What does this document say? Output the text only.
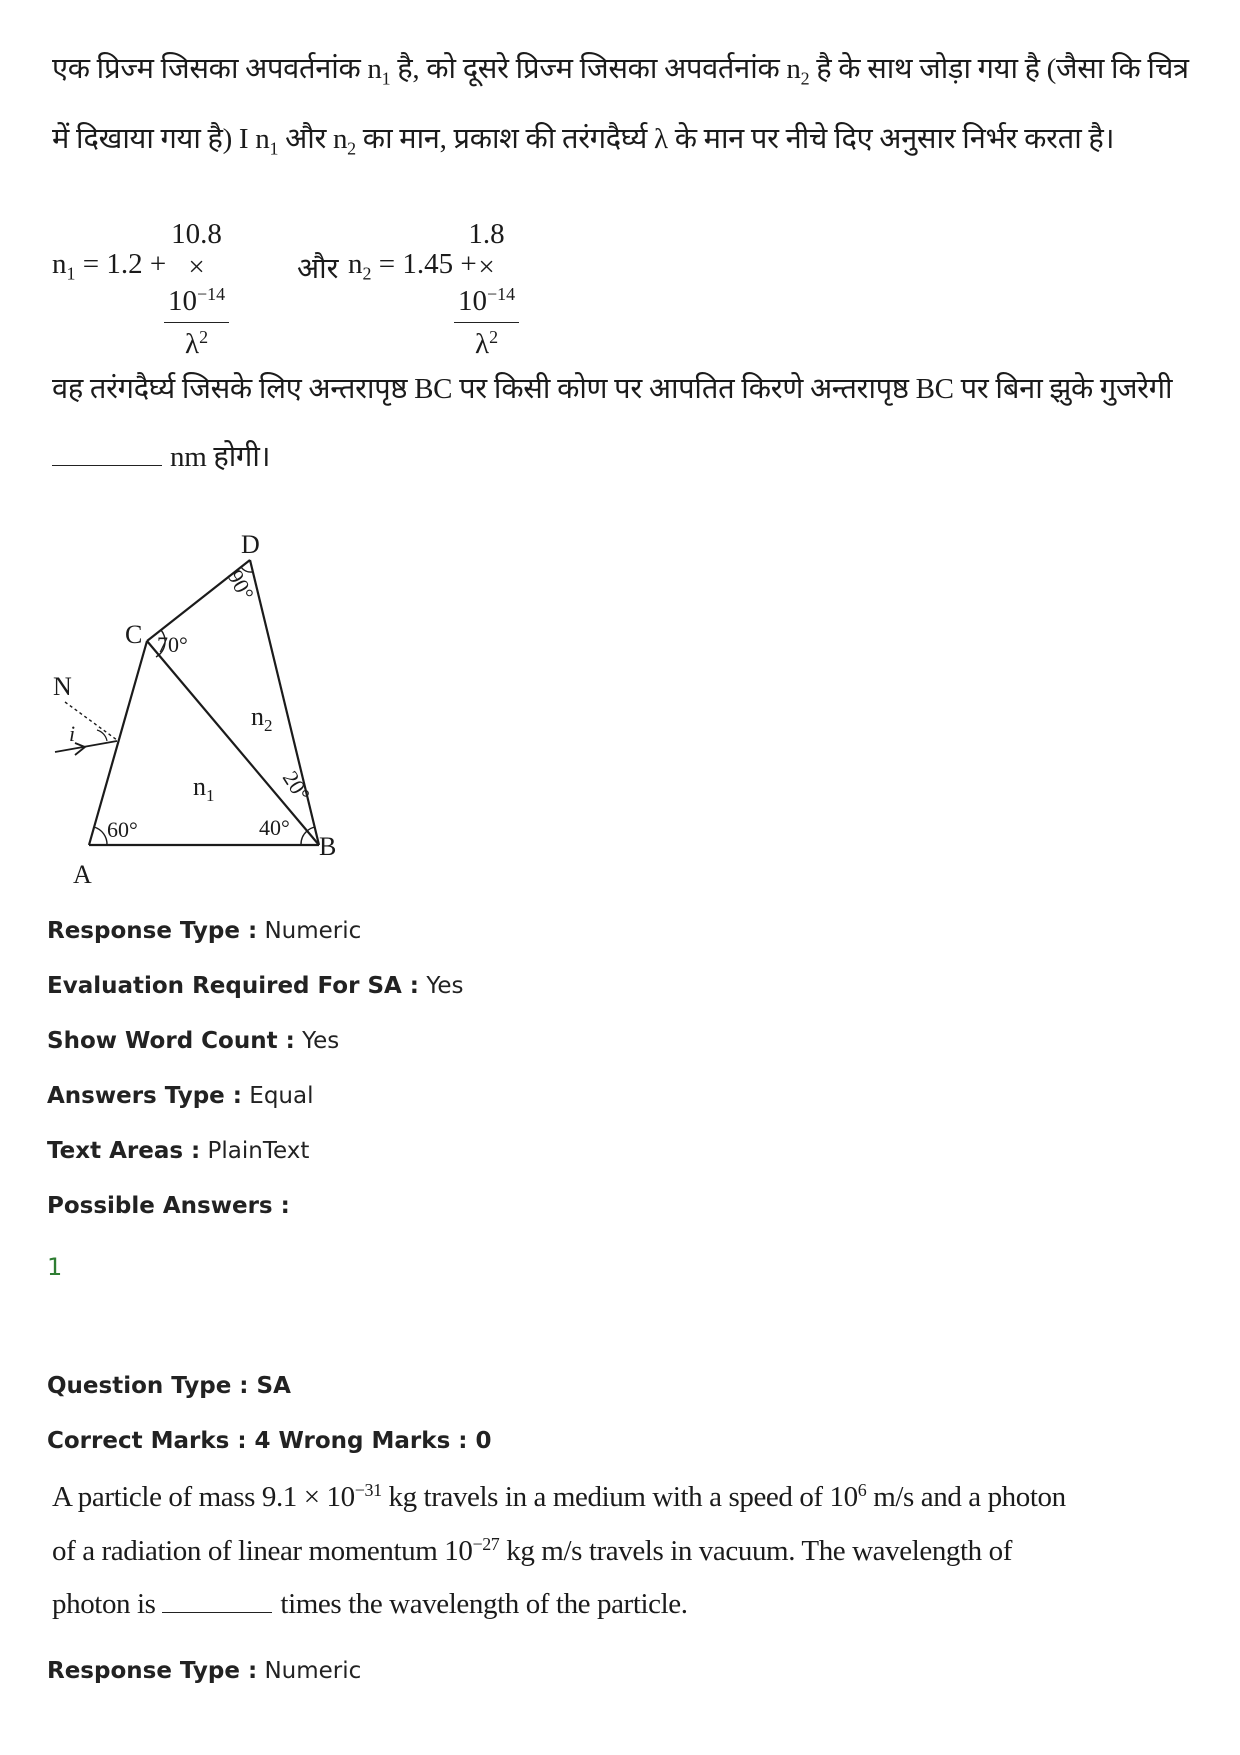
एक प्रिज्म जिसका अपवर्तनांक $n_1$ है, को दूसरे प्रिज्म जिसका अपवर्तनांक $n_2$ है के साथ जोड़ा गया है (जैसा कि चित्र
में दिखाया गया है) I $n_1$ और $n_2$ का मान, प्रकाश की तरंगदैर्घ्य λ के मान पर नीचे दिए अनुसार निर्भर करता है।
$n_1 = 1.2$ +
$\frac{10.8 \times 10^{-14}}{\lambda^2}$ और $n_2 = 1.45$ +
$\frac{1.8 \times 10^{-14}}{\lambda^2}$
वह तरंगदैर्घ्य जिसके लिए अन्तरापृष्ठ BC पर किसी कोण पर आपतित किरणे अन्तरापृष्ठ BC पर बिना झुके गुजरेगी
nm होगी।
D
C
N
A
B
i
70°
60°	40°
90°
20°
$n_2$
$n_1$
Response Type : Numeric
Evaluation Required For SA : Yes
Show Word Count : Yes
Answers Type : Equal
Text Areas : PlainText
Possible Answers :
1
Question Type : SA
Correct Marks : 4 Wrong Marks : 0
A particle of mass $9.1 \times 10^{-31}$ kg travels in a medium with a speed of $10^6$ m/s and a photon
of a radiation of linear momentum $10^{-27}$ kg m/s travels in vacuum. The wavelength of
photon is	times the wavelength of the particle.
Response Type : Numeric
